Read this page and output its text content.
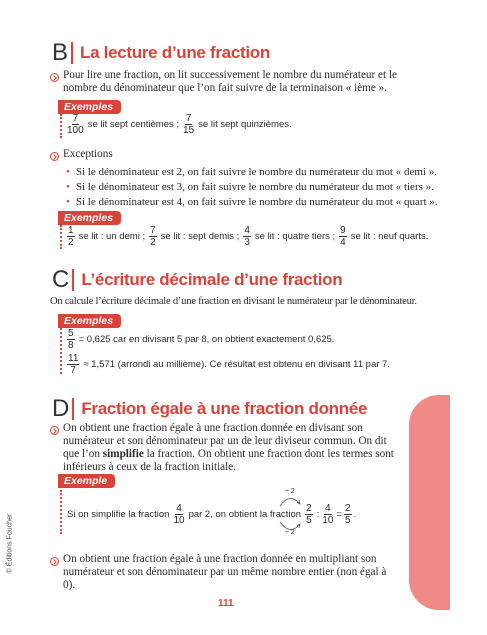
B La lecture d’une fraction
Pour lire une fraction, on lit successivement le nombre du numérateur et le nombre du dénominateur que l’on fait suivre de la terminaison « ième ».
Exemples
$\frac{7}{100}$ se lit sept centièmes ; $\frac{7}{15}$ se lit sept quinzièmes.
Exceptions
• Si le dénominateur est 2, on fait suivre le nombre du numérateur du mot « demi ».
• Si le dénominateur est 3, on fait suivre le nombre du numérateur du mot « tiers ».
• Si le dénominateur est 4, on fait suivre le nombre du numérateur du mot « quart ».
Exemples
$\frac{1}{2}$ se lit : un demi ; $\frac{7}{2}$ se lit : sept demis ; $\frac{4}{3}$ se lit : quatre tiers ; $\frac{9}{4}$ se lit : neuf quarts.
C L’écriture décimale d’une fraction
On calcule l’écriture décimale d’une fraction en divisant le numérateur par le dénominateur.
Exemples
$\frac{5}{8} = 0,625$ car en divisant 5 par 8, on obtient exactement 0,625.
$\frac{11}{7} \approx 1,571$ (arrondi au millième). Ce résultat est obtenu en divisant 11 par 7.
D Fraction égale à une fraction donnée
On obtient une fraction égale à une fraction donnée en divisant son numérateur et son dénominateur par un de leur diviseur commun. On dit que l’on simplifie la fraction. On obtient une fraction dont les termes sont inférieurs à ceux de la fraction initiale.
Exemple
Si on simplifie la fraction $\frac{4}{10}$ par 2, on obtient la fraction $\frac{2}{5}$ : $\frac{4}{10} = \frac{2}{5}$ .
÷ 2
÷ 2
On obtient une fraction égale à une fraction donnée en multipliant son numérateur et son dénominateur par un même nombre entier (non égal à 0).
LES CONNAISSANCES – MATHÉMATIQUES Les fractions
© Éditions Foucher
111
